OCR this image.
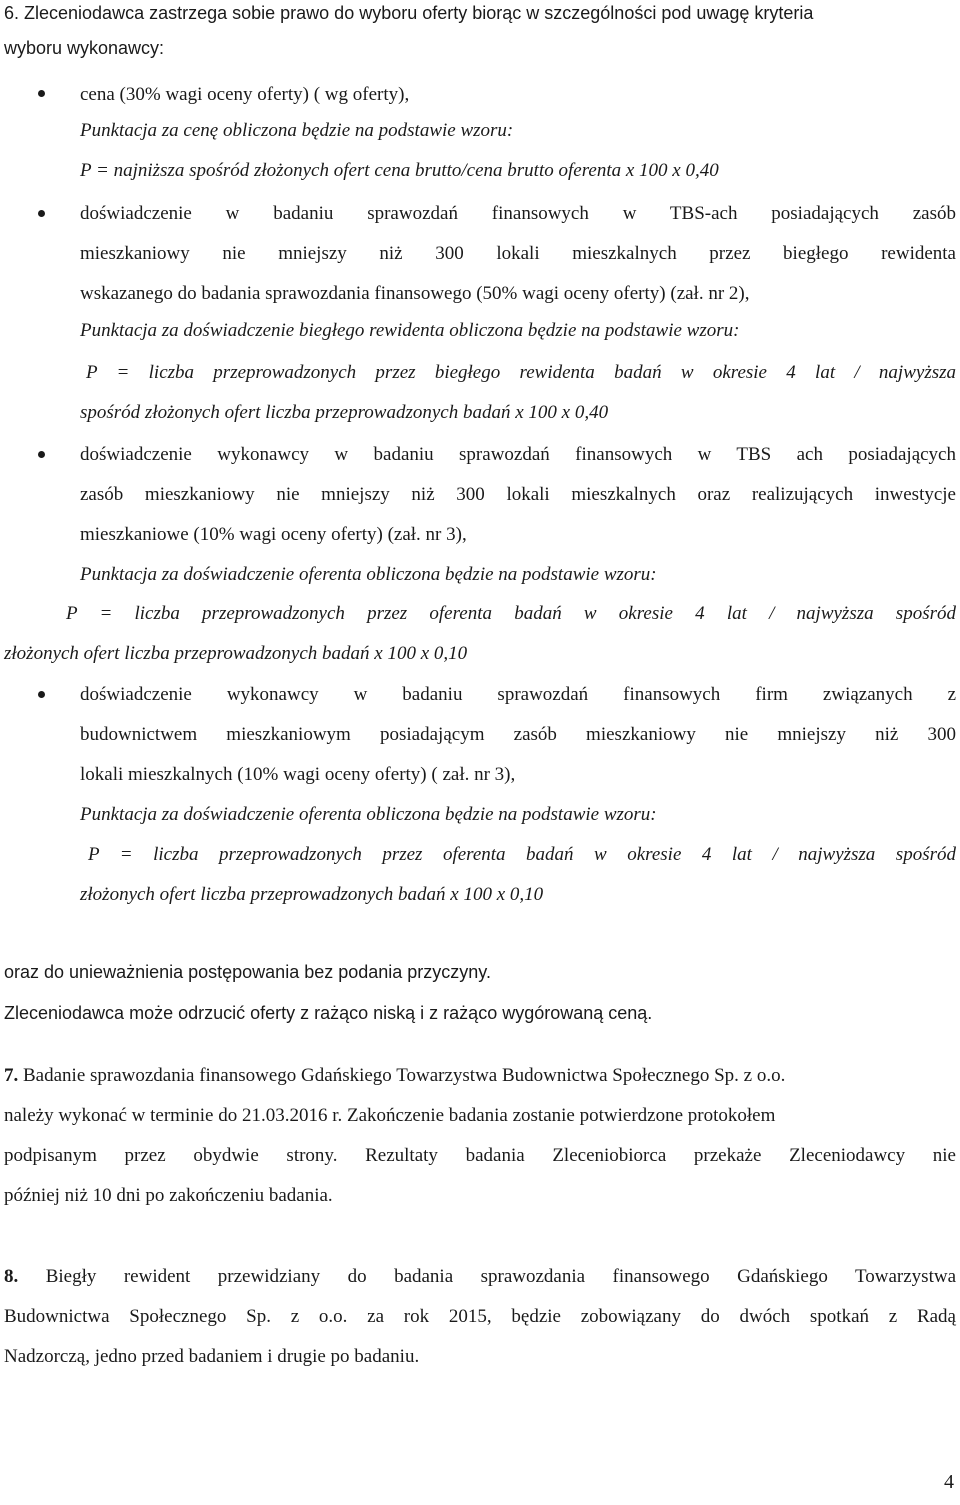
6. Zleceniodawca zastrzega sobie prawo do wyboru oferty biorąc w szczególności pod uwagę kryteria
wyboru wykonawcy:
cena (30% wagi oceny oferty) ( wg oferty),
Punktacja za cenę obliczona będzie na podstawie wzoru:
P = najniższa spośród złożonych ofert cena brutto/cena brutto oferenta x 100 x 0,40
doświadczenie w badaniu sprawozdań finansowych w TBS-ach posiadających zasób
mieszkaniowy nie mniejszy niż 300 lokali mieszkalnych przez biegłego rewidenta
wskazanego do badania sprawozdania finansowego (50% wagi oceny oferty) (zał. nr 2),
Punktacja za doświadczenie biegłego rewidenta obliczona będzie na podstawie wzoru:
P = liczba przeprowadzonych przez biegłego rewidenta badań w okresie 4 lat / najwyższa
spośród złożonych ofert liczba przeprowadzonych badań x 100 x 0,40
doświadczenie wykonawcy w badaniu sprawozdań finansowych w TBS ach posiadających
zasób mieszkaniowy nie mniejszy niż 300 lokali mieszkalnych oraz realizujących inwestycje
mieszkaniowe (10% wagi oceny oferty) (zał. nr 3),
Punktacja za doświadczenie oferenta obliczona będzie na podstawie wzoru:
P = liczba przeprowadzonych przez oferenta badań w okresie 4 lat / najwyższa spośród
złożonych ofert liczba przeprowadzonych badań x 100 x 0,10
doświadczenie wykonawcy w badaniu sprawozdań finansowych firm związanych z
budownictwem mieszkaniowym posiadającym zasób mieszkaniowy nie mniejszy niż 300
lokali mieszkalnych (10% wagi oceny oferty) ( zał. nr 3),
Punktacja za doświadczenie oferenta obliczona będzie na podstawie wzoru:
P = liczba przeprowadzonych przez oferenta badań w okresie 4 lat / najwyższa spośród
złożonych ofert liczba przeprowadzonych badań x 100 x 0,10
oraz do unieważnienia postępowania bez podania przyczyny.
Zleceniodawca może odrzucić oferty z rażąco niską i z rażąco wygórowaną ceną.
7. Badanie sprawozdania finansowego Gdańskiego Towarzystwa Budownictwa Społecznego Sp. z o.o.
należy wykonać w terminie do 21.03.2016 r. Zakończenie badania zostanie potwierdzone protokołem
podpisanym przez obydwie strony. Rezultaty badania Zleceniobiorca przekaże Zleceniodawcy nie
później niż 10 dni po zakończeniu badania.
8. Biegły rewident przewidziany do badania sprawozdania finansowego Gdańskiego Towarzystwa
Budownictwa Społecznego Sp. z o.o. za rok 2015, będzie zobowiązany do dwóch spotkań z Radą
Nadzorczą, jedno przed badaniem i drugie po badaniu.
4
